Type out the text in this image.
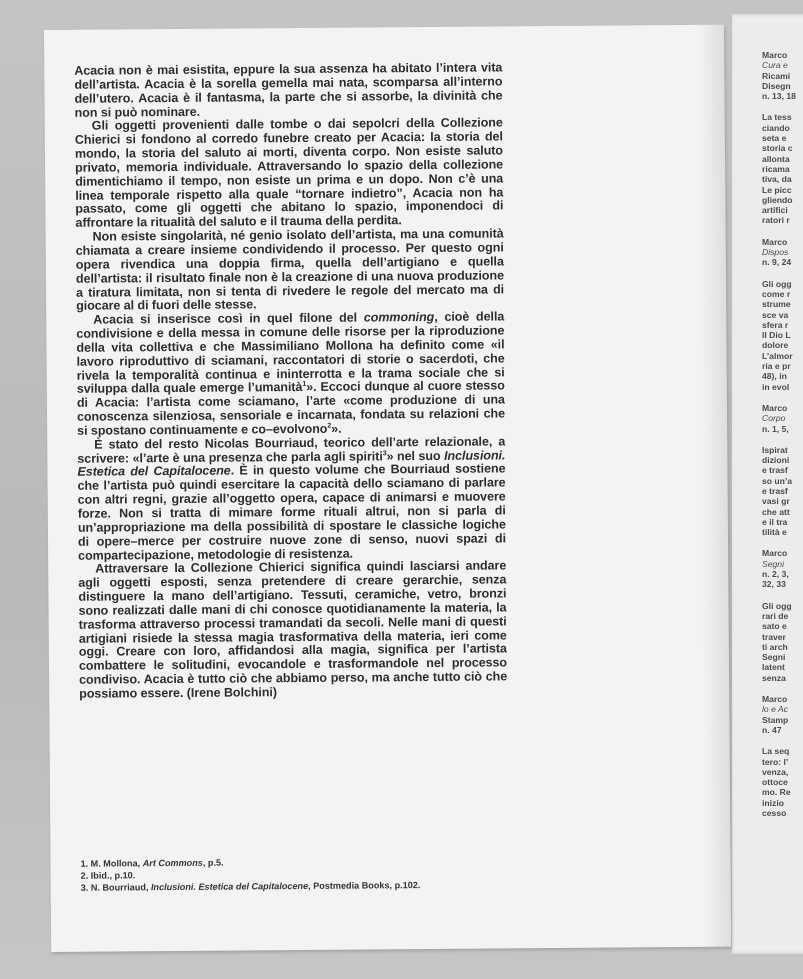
Marco
Cura e
Ricami
Disegn
n. 13, 18

La tess
ciando
seta e
storia c
allonta
ricama
tiva, da
Le picc
gliendo
artifici
ratori r

Marco
Dispos
n. 9, 24

Gli ogg
come r
strume
sce va
sfera r
Il Dio L
dolore
L’almor
ria e pr
48), in
in evol

Marco
Corpo
n. 1, 5,

Ispirat
dizioni
e trasf
so un’a
e trasf
vasi gr
che att
e il tra
tilità e

Marco
Segni
n. 2, 3,
32, 33

Gli ogg
rari de
sato e
traver
ti arch
Segni
latent
senza

Marco
lo e Ac
Stamp
n. 47

La seq
tero: l’
venza,
ottoce
mo. Re
inizio
cesso

Acacia non è mai esistita, eppure la sua assenza ha abitato l’intera vita dell’artista. Acacia è la sorella gemella mai nata, scomparsa all’interno dell’utero. Acacia è il fantasma, la parte che si assorbe, la divinità che non si può nominare.

Gli oggetti provenienti dalle tombe o dai sepolcri della Collezione Chierici si fondono al corredo funebre creato per Acacia: la storia del mondo, la storia del saluto ai morti, diventa corpo. Non esiste saluto privato, memoria individuale. Attraversando lo spazio della collezione dimentichiamo il tempo, non esiste un prima e un dopo. Non c’è una linea temporale rispetto alla quale “tornare indietro”, Acacia non ha passato, come gli oggetti che abitano lo spazio, imponendoci di affrontare la ritualità del saluto e il trauma della perdita.

Non esiste singolarità, né genio isolato dell’artista, ma una comunità chiamata a creare insieme condividendo il processo. Per questo ogni opera rivendica una doppia firma, quella dell’artigiano e quella dell’artista: il risultato finale non è la creazione di una nuova produzione a tiratura limitata, non si tenta di rivedere le regole del mercato ma di giocare al di fuori delle stesse.

Acacia si inserisce così in quel filone del commoning, cioè della condivisione e della messa in comune delle risorse per la riproduzione della vita collettiva e che Massimiliano Mollona ha definito come «il lavoro riproduttivo di sciamani, raccontatori di storie o sacerdoti, che rivela la temporalità continua e ininterrotta e la trama sociale che si sviluppa dalla quale emerge l’umanità$^1$». Eccoci dunque al cuore stesso di Acacia: l’artista come sciamano, l’arte «come produzione di una conoscenza silenziosa, sensoriale e incarnata, fondata su relazioni che si spostano continuamente e co–evolvono$^2$».

È stato del resto Nicolas Bourriaud, teorico dell’arte relazionale, a scrivere: «l’arte è una presenza che parla agli spiriti$^3$» nel suo Inclusioni. Estetica del Capitalocene. È in questo volume che Bourriaud sostiene che l’artista può quindi esercitare la capacità dello sciamano di parlare con altri regni, grazie all’oggetto opera, capace di animarsi e muovere forze. Non si tratta di mimare forme rituali altrui, non si parla di un’appropriazione ma della possibilità di spostare le classiche logiche di opere–merce per costruire nuove zone di senso, nuovi spazi di compartecipazione, metodologie di resistenza.

Attraversare la Collezione Chierici significa quindi lasciarsi andare agli oggetti esposti, senza pretendere di creare gerarchie, senza distinguere la mano dell’artigiano. Tessuti, ceramiche, vetro, bronzi sono realizzati dalle mani di chi conosce quotidianamente la materia, la trasforma attraverso processi tramandati da secoli. Nelle mani di questi artigiani risiede la stessa magia trasformativa della materia, ieri come oggi. Creare con loro, affidandosi alla magia, significa per l’artista combattere le solitudini, evocandole e trasformandole nel processo condiviso. Acacia è tutto ciò che abbiamo perso, ma anche tutto ciò che possiamo essere. (Irene Bolchini)

1. M. Mollona, Art Commons, p.5.
2. Ibid., p.10.
3. N. Bourriaud, Inclusioni. Estetica del Capitalocene, Postmedia Books, p.102.
